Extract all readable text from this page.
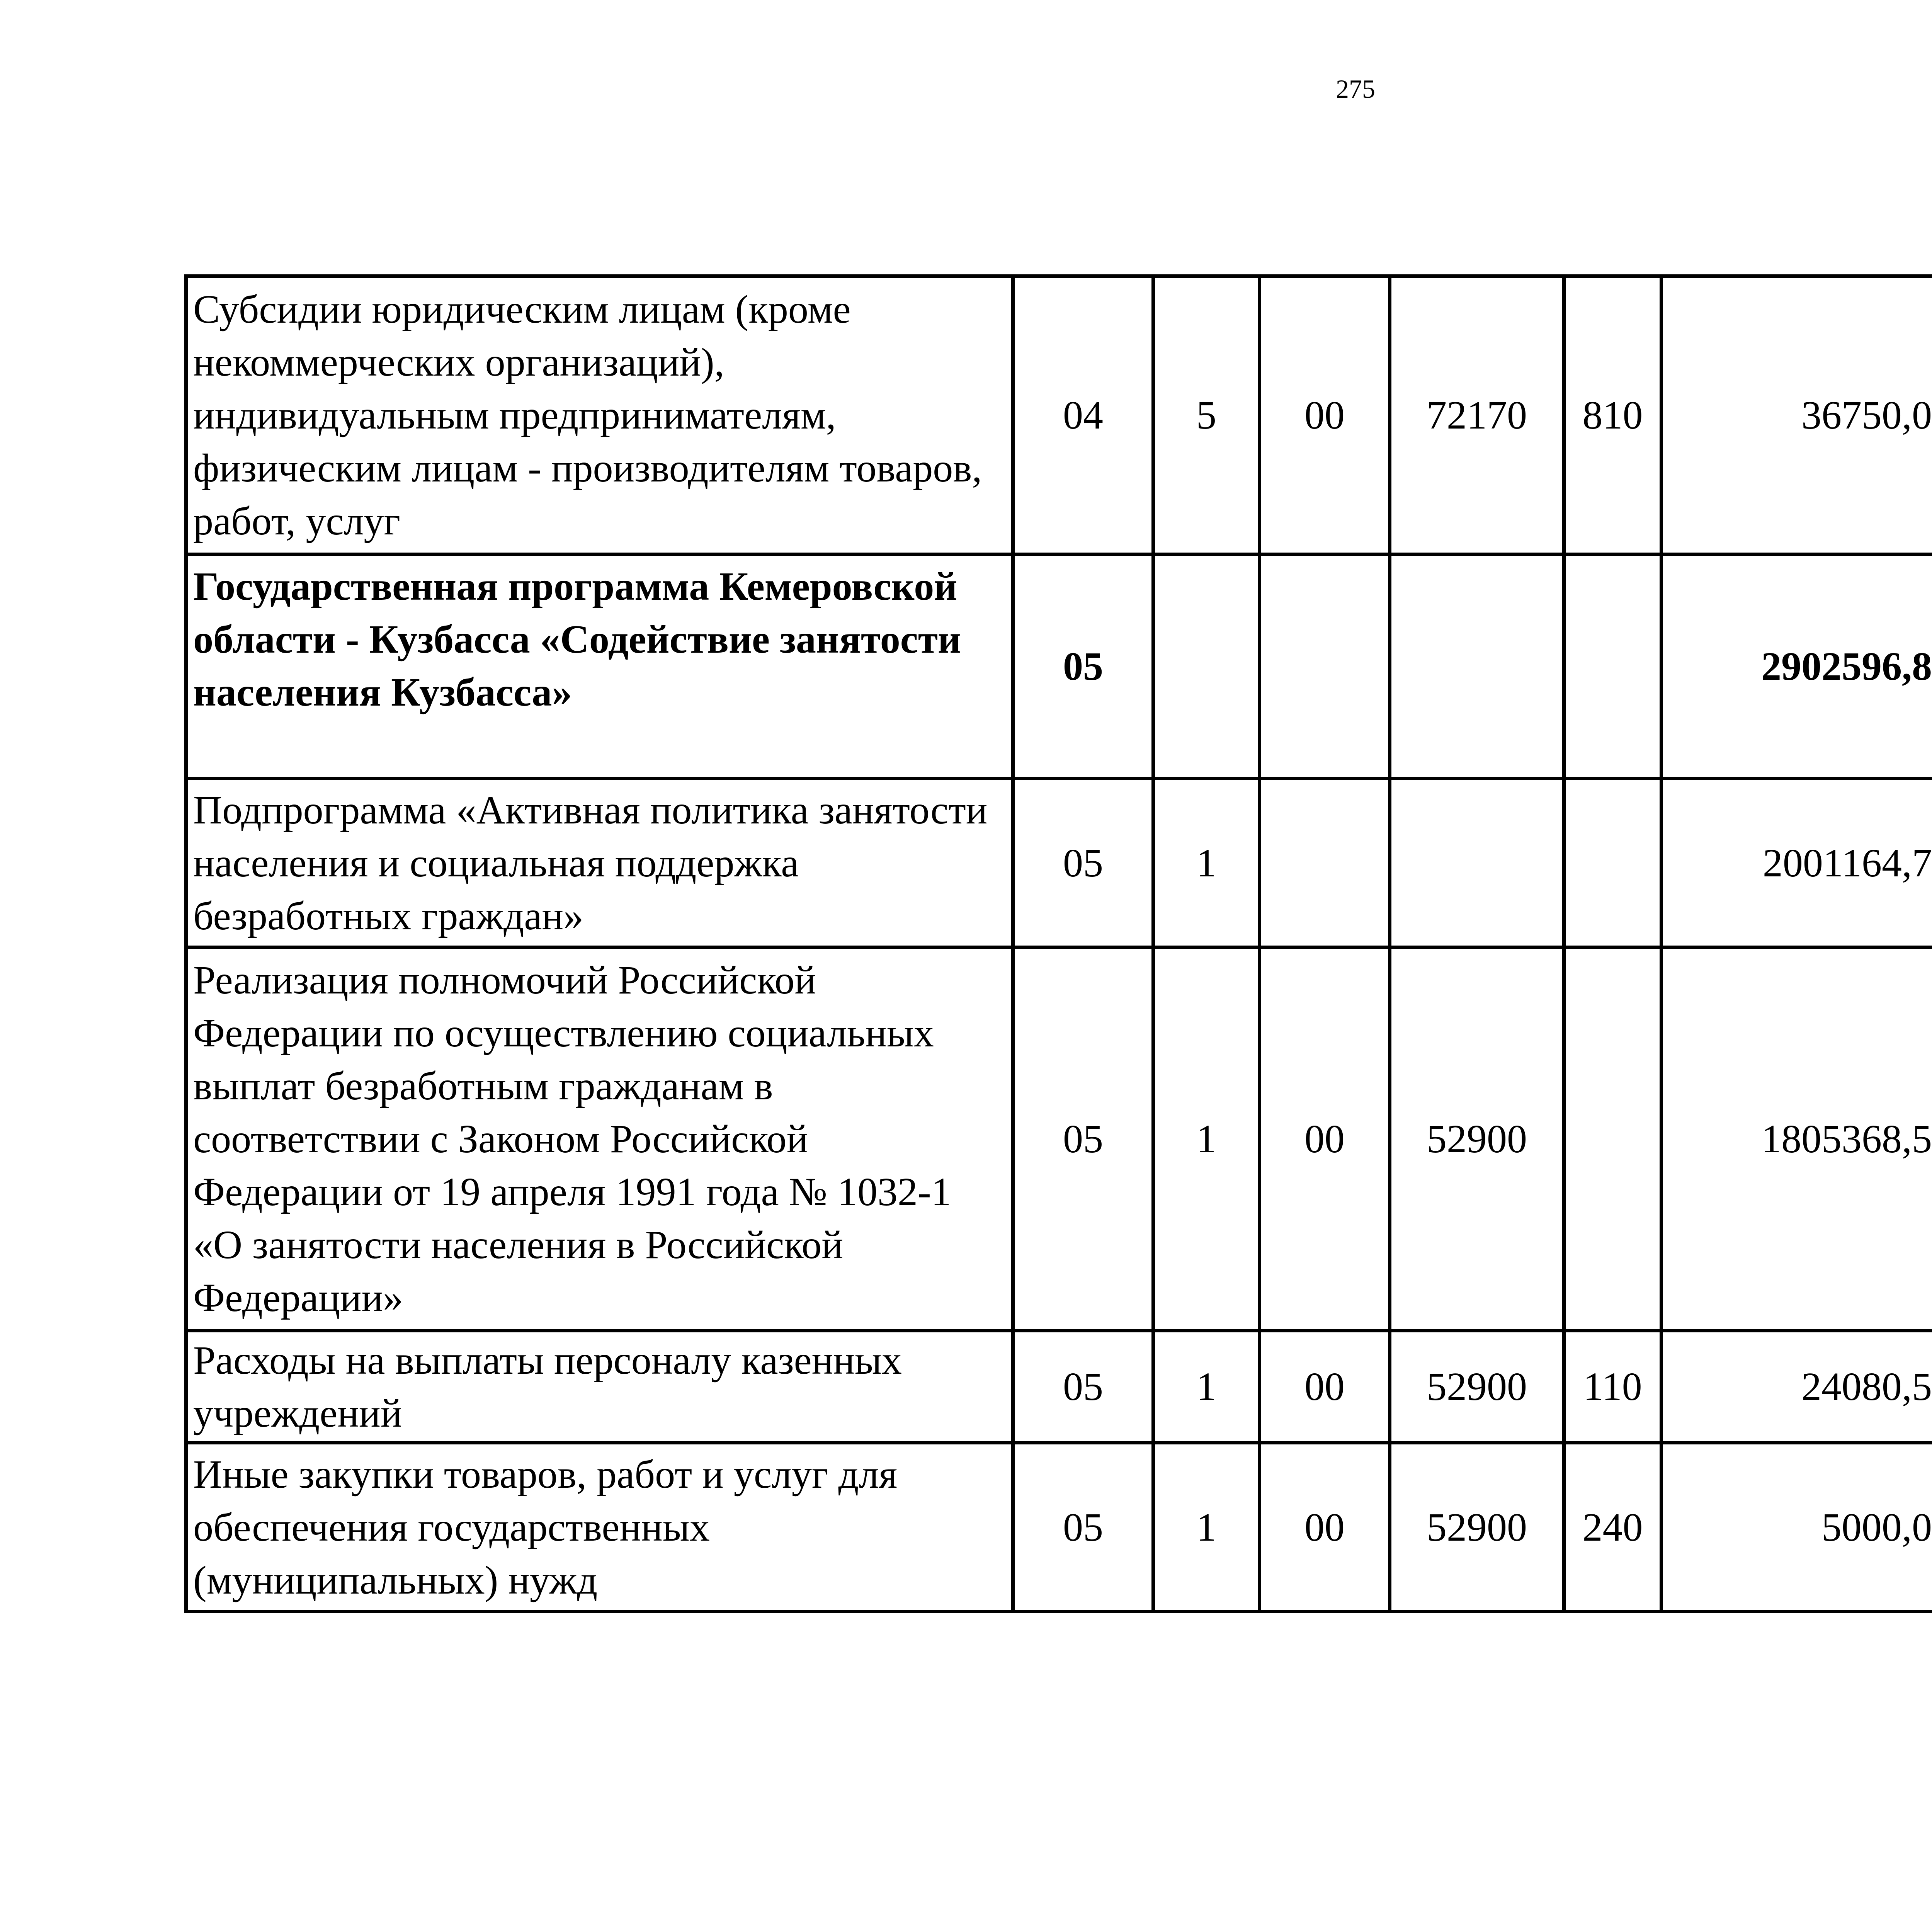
275
Субсидии юридическим лицам (кроме некоммерческих организаций), индивидуальным предпринимателям, физическим лицам - производителям товаров, работ, услуг	04	5	00	72170	810	36750,0		
Государственная программа Кемеровской области - Кузбасса «Содействие занятости населения Кузбасса»	05					2902596,8		
Подпрограмма «Активная политика занятости населения и социальная поддержка безработных граждан»	05	1				2001164,7		
Реализация полномочий Российской Федерации по осуществлению социальных выплат безработным гражданам в соответствии с Законом Российской Федерации от 19 апреля 1991 года № 1032-1 «О занятости населения в Российской Федерации»	05	1	00	52900		1805368,5		
Расходы на выплаты персоналу казенных учреждений	05	1	00	52900	110	24080,5		
Иные закупки товаров, работ и услуг для обеспечения государственных (муниципальных) нужд	05	1	00	52900	240	5000,0		
